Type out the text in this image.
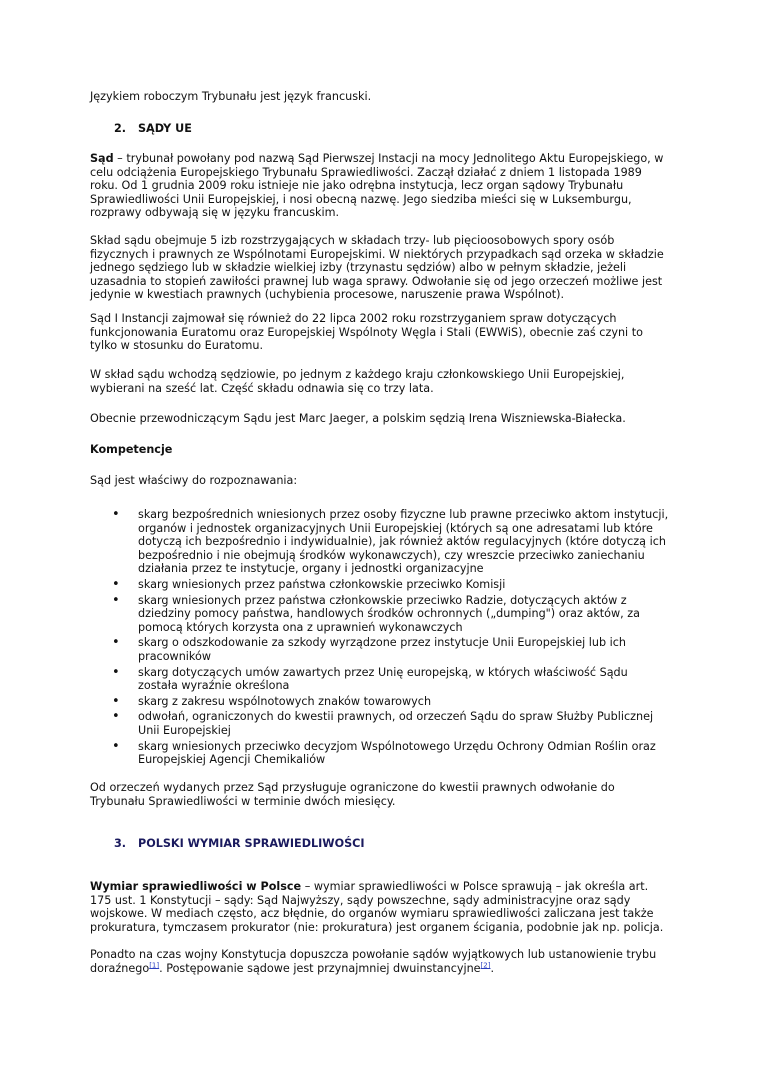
Językiem roboczym Trybunału jest język francuski.

2. SĄDY UE

Sąd – trybunał powołany pod nazwą Sąd Pierwszej Instacji na mocy Jednolitego Aktu Europejskiego, w celu odciążenia Europejskiego Trybunału Sprawiedliwości. Zaczął działać z dniem 1 listopada 1989 roku. Od 1 grudnia 2009 roku istnieje nie jako odrębna instytucja, lecz organ sądowy Trybunału Sprawiedliwości Unii Europejskiej, i nosi obecną nazwę. Jego siedziba mieści się w Luksemburgu, rozprawy odbywają się w języku francuskim.

Skład sądu obejmuje 5 izb rozstrzygających w składach trzy- lub pięcioosobowych spory osób fizycznych i prawnych ze Wspólnotami Europejskimi. W niektórych przypadkach sąd orzeka w składzie jednego sędziego lub w składzie wielkiej izby (trzynastu sędziów) albo w pełnym składzie, jeżeli uzasadnia to stopień zawiłości prawnej lub waga sprawy. Odwołanie się od jego orzeczeń możliwe jest jedynie w kwestiach prawnych (uchybienia procesowe, naruszenie prawa Wspólnot).

Sąd I Instancji zajmował się również do 22 lipca 2002 roku rozstrzyganiem spraw dotyczących funkcjonowania Euratomu oraz Europejskiej Wspólnoty Węgla i Stali (EWWiS), obecnie zaś czyni to tylko w stosunku do Euratomu.

W skład sądu wchodzą sędziowie, po jednym z każdego kraju członkowskiego Unii Europejskiej, wybierani na sześć lat. Część składu odnawia się co trzy lata.

Obecnie przewodniczącym Sądu jest Marc Jaeger, a polskim sędzią Irena Wiszniewska-Białecka.

Kompetencje

Sąd jest właściwy do rozpoznawania:

• skarg bezpośrednich wniesionych przez osoby fizyczne lub prawne przeciwko aktom instytucji, organów i jednostek organizacyjnych Unii Europejskiej (których są one adresatami lub które dotyczą ich bezpośrednio i indywidualnie), jak również aktów regulacyjnych (które dotyczą ich bezpośrednio i nie obejmują środków wykonawczych), czy wreszcie przeciwko zaniechaniu działania przez te instytucje, organy i jednostki organizacyjne
• skarg wniesionych przez państwa członkowskie przeciwko Komisji
• skarg wniesionych przez państwa członkowskie przeciwko Radzie, dotyczących aktów z dziedziny pomocy państwa, handlowych środków ochronnych („dumping") oraz aktów, za pomocą których korzysta ona z uprawnień wykonawczych
• skarg o odszkodowanie za szkody wyrządzone przez instytucje Unii Europejskiej lub ich pracowników
• skarg dotyczących umów zawartych przez Unię europejską, w których właściwość Sądu została wyraźnie określona
• skarg z zakresu wspólnotowych znaków towarowych
• odwołań, ograniczonych do kwestii prawnych, od orzeczeń Sądu do spraw Służby Publicznej Unii Europejskiej
• skarg wniesionych przeciwko decyzjom Wspólnotowego Urzędu Ochrony Odmian Roślin oraz Europejskiej Agencji Chemikaliów

Od orzeczeń wydanych przez Sąd przysługuje ograniczone do kwestii prawnych odwołanie do Trybunału Sprawiedliwości w terminie dwóch miesięcy.

3. POLSKI WYMIAR SPRAWIEDLIWOŚCI

Wymiar sprawiedliwości w Polsce – wymiar sprawiedliwości w Polsce sprawują – jak określa art. 175 ust. 1 Konstytucji – sądy: Sąd Najwyższy, sądy powszechne, sądy administracyjne oraz sądy wojskowe. W mediach często, acz błędnie, do organów wymiaru sprawiedliwości zaliczana jest także prokuratura, tymczasem prokurator (nie: prokuratura) jest organem ścigania, podobnie jak np. policja.

Ponadto na czas wojny Konstytucja dopuszcza powołanie sądów wyjątkowych lub ustanowienie trybu doraźnego[1]. Postępowanie sądowe jest przynajmniej dwuinstancyjne[2].
